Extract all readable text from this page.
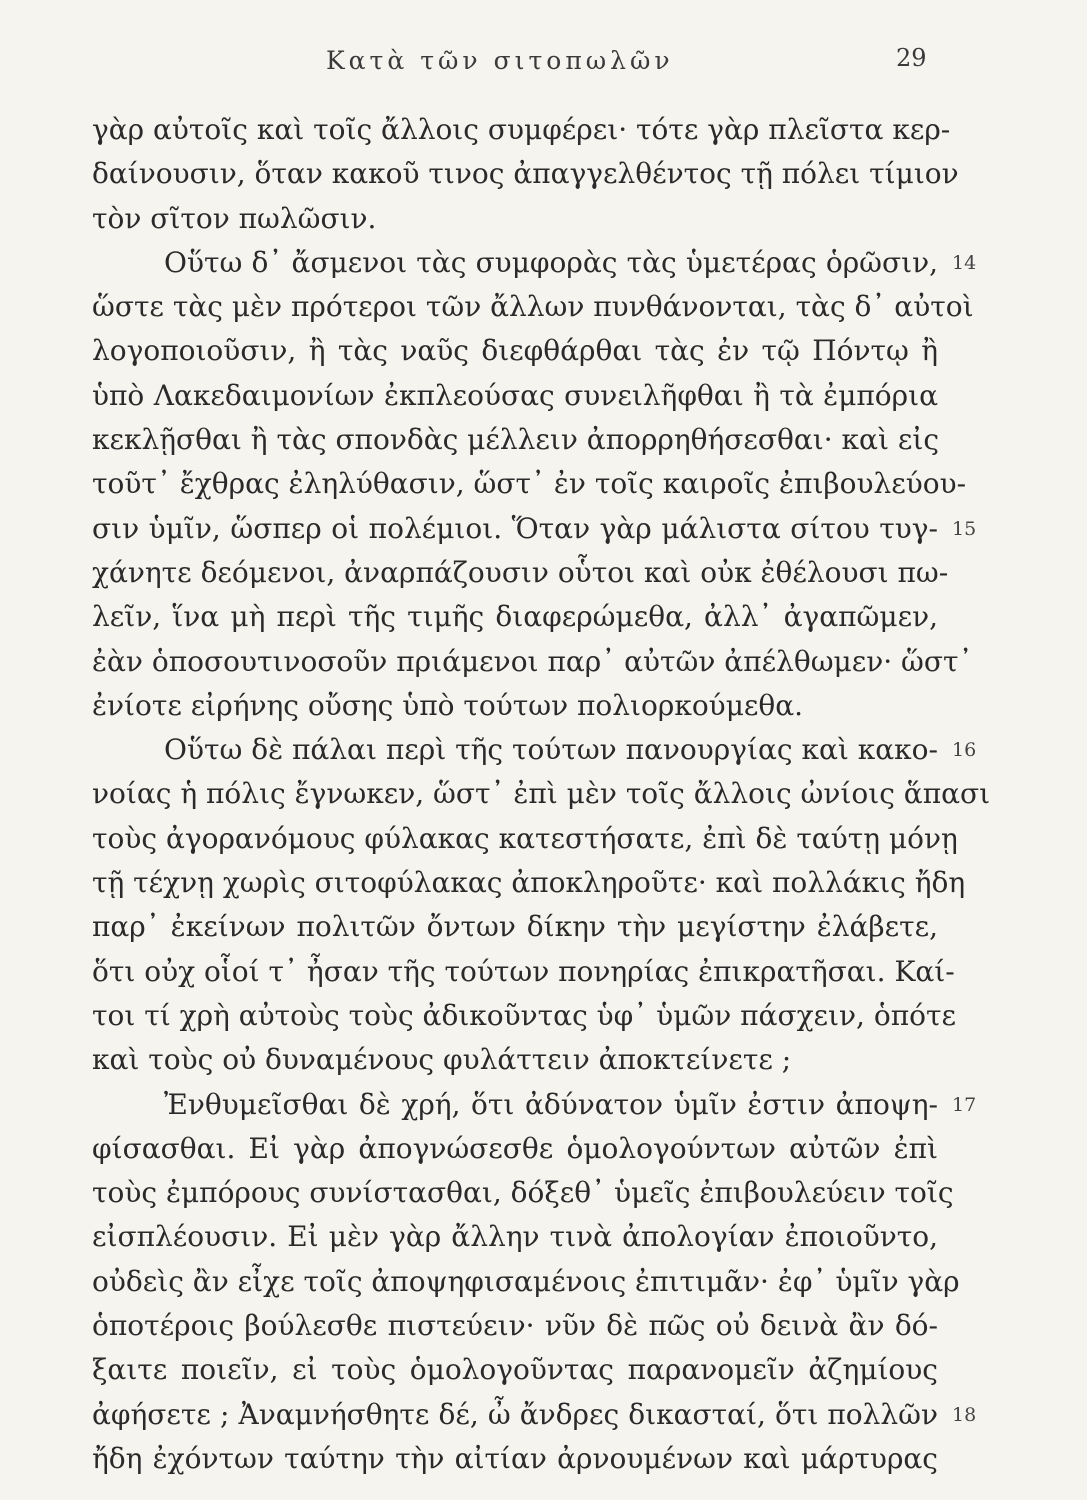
Κατὰ τῶν σιτοπωλῶν	29
γὰρ αὐτοῖς καὶ τοῖς ἄλλοις συμφέρει· τότε γὰρ πλεῖστα κερ-
δαίνουσιν, ὅταν κακοῦ τινος ἀπαγγελθέντος τῇ πόλει τίμιον
τὸν σῖτον πωλῶσιν.
Οὕτω δ᾽ ἄσμενοι τὰς συμφορὰς τὰς ὑμετέρας ὁρῶσιν, 14
ὥστε τὰς μὲν πρότεροι τῶν ἄλλων πυνθάνονται, τὰς δ᾽ αὐτοὶ
λογοποιοῦσιν, ἢ τὰς ναῦς διεφθάρθαι τὰς ἐν τῷ Πόντῳ ἢ
ὑπὸ Λακεδαιμονίων ἐκπλεούσας συνειλῆφθαι ἢ τὰ ἐμπόρια
κεκλῇσθαι ἢ τὰς σπονδὰς μέλλειν ἀπορρηθήσεσθαι· καὶ εἰς
τοῦτ᾽ ἔχθρας ἐληλύθασιν, ὥστ᾽ ἐν τοῖς καιροῖς ἐπιβουλεύου-
σιν ὑμῖν, ὥσπερ οἱ πολέμιοι. Ὅταν γὰρ μάλιστα σίτου τυγ- 15
χάνητε δεόμενοι, ἀναρπάζουσιν οὗτοι καὶ οὐκ ἐθέλουσι πω-
λεῖν, ἵνα μὴ περὶ τῆς τιμῆς διαφερώμεθα, ἀλλ᾽ ἀγαπῶμεν,
ἐὰν ὁποσουτινοσοῦν πριάμενοι παρ᾽ αὐτῶν ἀπέλθωμεν· ὥστ᾽
ἐνίοτε εἰρήνης οὔσης ὑπὸ τούτων πολιορκούμεθα.
Οὕτω δὲ πάλαι περὶ τῆς τούτων πανουργίας καὶ κακο- 16
νοίας ἡ πόλις ἔγνωκεν, ὥστ᾽ ἐπὶ μὲν τοῖς ἄλλοις ὠνίοις ἅπασι
τοὺς ἀγορανόμους φύλακας κατεστήσατε, ἐπὶ δὲ ταύτῃ μόνῃ
τῇ τέχνῃ χωρὶς σιτοφύλακας ἀποκληροῦτε· καὶ πολλάκις ἤδη
παρ᾽ ἐκείνων πολιτῶν ὄντων δίκην τὴν μεγίστην ἐλάβετε,
ὅτι οὐχ οἷοί τ᾽ ἦσαν τῆς τούτων πονηρίας ἐπικρατῆσαι. Καί-
τοι τί χρὴ αὐτοὺς τοὺς ἀδικοῦντας ὑφ᾽ ὑμῶν πάσχειν, ὁπότε
καὶ τοὺς οὐ δυναμένους φυλάττειν ἀποκτείνετε ;
Ἐνθυμεῖσθαι δὲ χρή, ὅτι ἀδύνατον ὑμῖν ἐστιν ἀποψη- 17
φίσασθαι. Εἰ γὰρ ἀπογνώσεσθε ὁμολογούντων αὐτῶν ἐπὶ
τοὺς ἐμπόρους συνίστασθαι, δόξεθ᾽ ὑμεῖς ἐπιβουλεύειν τοῖς
εἰσπλέουσιν. Εἰ μὲν γὰρ ἄλλην τινὰ ἀπολογίαν ἐποιοῦντο,
οὐδεὶς ἂν εἶχε τοῖς ἀποψηφισαμένοις ἐπιτιμᾶν· ἐφ᾽ ὑμῖν γὰρ
ὁποτέροις βούλεσθε πιστεύειν· νῦν δὲ πῶς οὐ δεινὰ ἂν δό-
ξαιτε ποιεῖν, εἰ τοὺς ὁμολογοῦντας παρανομεῖν ἀζημίους
ἀφήσετε ; Ἀναμνήσθητε δέ, ὦ ἄνδρες δικασταί, ὅτι πολλῶν 18
ἤδη ἐχόντων ταύτην τὴν αἰτίαν ἀρνουμένων καὶ μάρτυρας
